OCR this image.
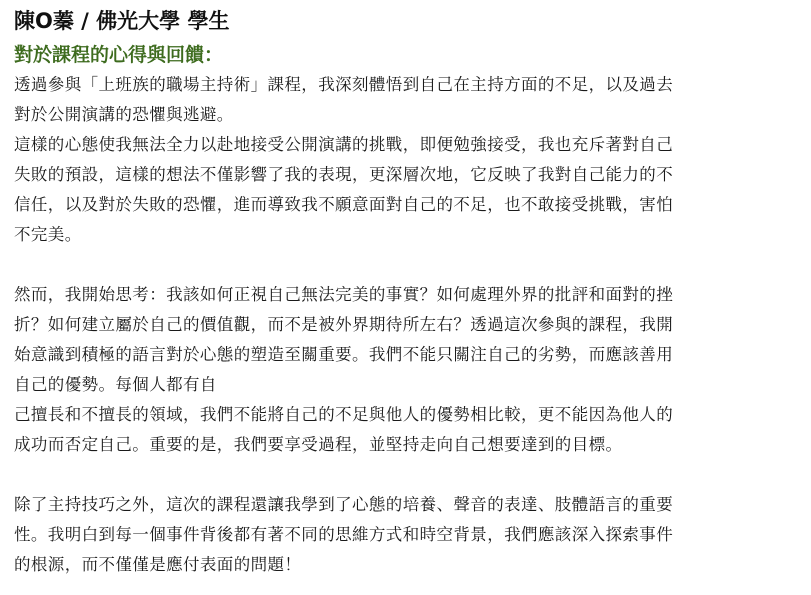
陳O蓁 / 佛光大學 學生
對於課程的心得與回饋：

透過參與「上班族的職場主持術」課程，我深刻體悟到自己在主持方面的不足，以及過去
對於公開演講的恐懼與逃避。
這樣的心態使我無法全力以赴地接受公開演講的挑戰，即便勉強接受，我也充斥著對自己
失敗的預設，這樣的想法不僅影響了我的表現，更深層次地，它反映了我對自己能力的不
信任，以及對於失敗的恐懼，進而導致我不願意面對自己的不足，也不敢接受挑戰，害怕
不完美。

然而，我開始思考：我該如何正視自己無法完美的事實？如何處理外界的批評和面對的挫
折？如何建立屬於自己的價值觀，而不是被外界期待所左右？透過這次參與的課程，我開
始意識到積極的語言對於心態的塑造至關重要。我們不能只關注自己的劣勢，而應該善用
自己的優勢。每個人都有自
己擅長和不擅長的領域，我們不能將自己的不足與他人的優勢相比較，更不能因為他人的
成功而否定自己。重要的是，我們要享受過程，並堅持走向自己想要達到的目標。

除了主持技巧之外，這次的課程還讓我學到了心態的培養、聲音的表達、肢體語言的重要
性。我明白到每一個事件背後都有著不同的思維方式和時空背景，我們應該深入探索事件
的根源，而不僅僅是應付表面的問題！
